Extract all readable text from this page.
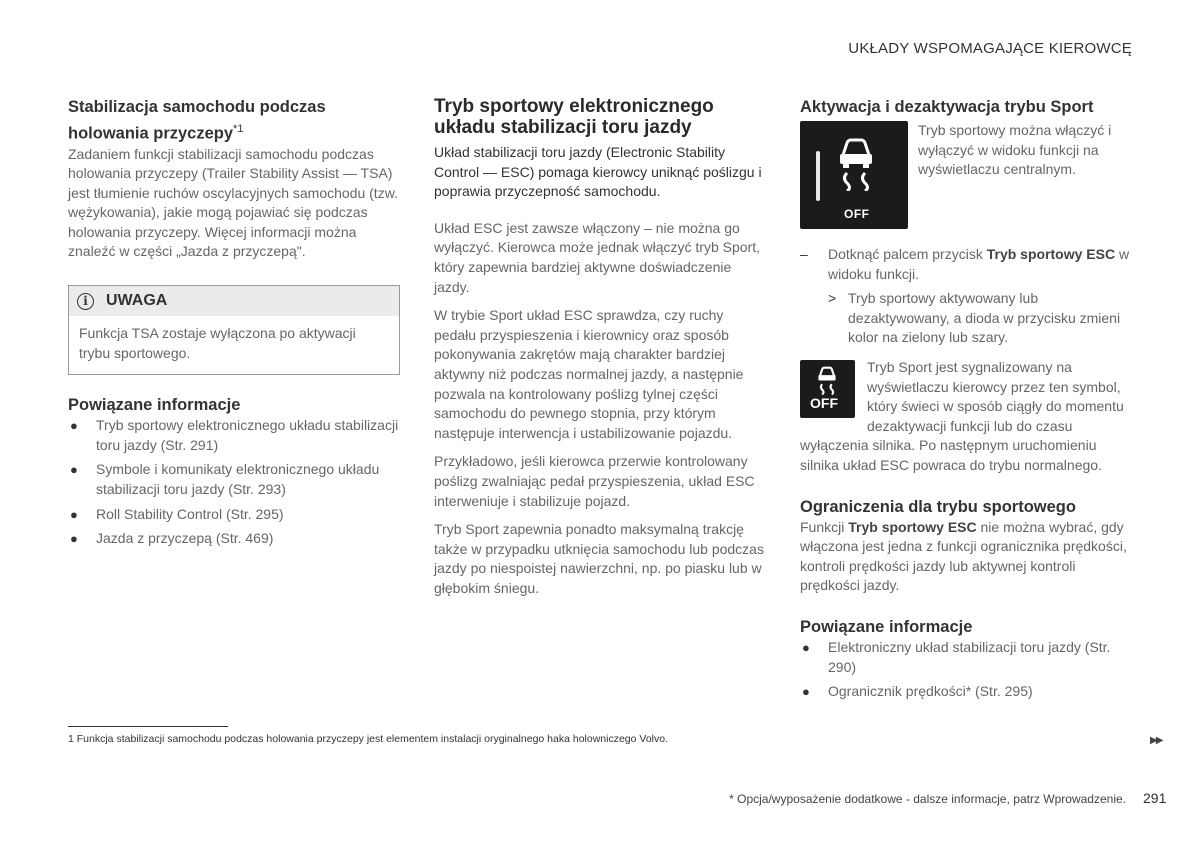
UKŁADY WSPOMAGAJĄCE KIEROWCĘ
Stabilizacja samochodu podczas holowania przyczepy$^{*1}$

Zadaniem funkcji stabilizacji samochodu podczas holowania przyczepy (Trailer Stability Assist — TSA) jest tłumienie ruchów oscylacyjnych samochodu (tzw. wężykowania), jakie mogą pojawiać się podczas holowania przyczepy. Więcej informacji można znaleźć w części „Jazda z przyczepą".

i	UWAGA
Funkcja TSA zostaje wyłączona po aktywacji trybu sportowego.
Powiązane informacje
● Tryb sportowy elektronicznego układu stabilizacji toru jazdy (Str. 291)
● Symbole i komunikaty elektronicznego układu stabilizacji toru jazdy (Str. 293)
● Roll Stability Control (Str. 295)
● Jazda z przyczepą (Str. 469)
Tryb sportowy elektronicznego układu stabilizacji toru jazdy

Układ stabilizacji toru jazdy (Electronic Stability Control — ESC) pomaga kierowcy uniknąć poślizgu i poprawia przyczepność samochodu.

Układ ESC jest zawsze włączony – nie można go wyłączyć. Kierowca może jednak włączyć tryb Sport, który zapewnia bardziej aktywne doświadczenie jazdy.

W trybie Sport układ ESC sprawdza, czy ruchy pedału przyspieszenia i kierownicy oraz sposób pokonywania zakrętów mają charakter bardziej aktywny niż podczas normalnej jazdy, a następnie pozwala na kontrolowany poślizg tylnej części samochodu do pewnego stopnia, przy którym następuje interwencja i ustabilizowanie pojazdu.

Przykładowo, jeśli kierowca przerwie kontrolowany poślizg zwalniając pedał przyspieszenia, układ ESC interweniuje i stabilizuje pojazd.

Tryb Sport zapewnia ponadto maksymalną trakcję także w przypadku utknięcia samochodu lub podczas jazdy po niespoistej nawierzchni, np. po piasku lub w głębokim śniegu.

Aktywacja i dezaktywacja trybu Sport
OFF

Tryb sportowy można włączyć i wyłączyć w widoku funkcji na wyświetlaczu centralnym.

– Dotknąć palcem przycisk Tryb sportowy ESC w widoku funkcji.
> Tryb sportowy aktywowany lub dezaktywowany, a dioda w przycisku zmieni kolor na zielony lub szary.
OFF

Tryb Sport jest sygnalizowany na wyświetlaczu kierowcy przez ten symbol, który świeci w sposób ciągły do momentu dezaktywacji funkcji lub do czasu wyłączenia silnika. Po następnym uruchomieniu silnika układ ESC powraca do trybu normalnego.

Ograniczenia dla trybu sportowego

Funkcji Tryb sportowy ESC nie można wybrać, gdy włączona jest jedna z funkcji ogranicznika prędkości, kontroli prędkości jazdy lub aktywnej kontroli prędkości jazdy.

Powiązane informacje
● Elektroniczny układ stabilizacji toru jazdy (Str. 290)
● Ogranicznik prędkości* (Str. 295)
1 Funkcja stabilizacji samochodu podczas holowania przyczepy jest elementem instalacji oryginalnego haka holowniczego Volvo.	▶▶
* Opcja/wyposażenie dodatkowe - dalsze informacje, patrz Wprowadzenie. 291
